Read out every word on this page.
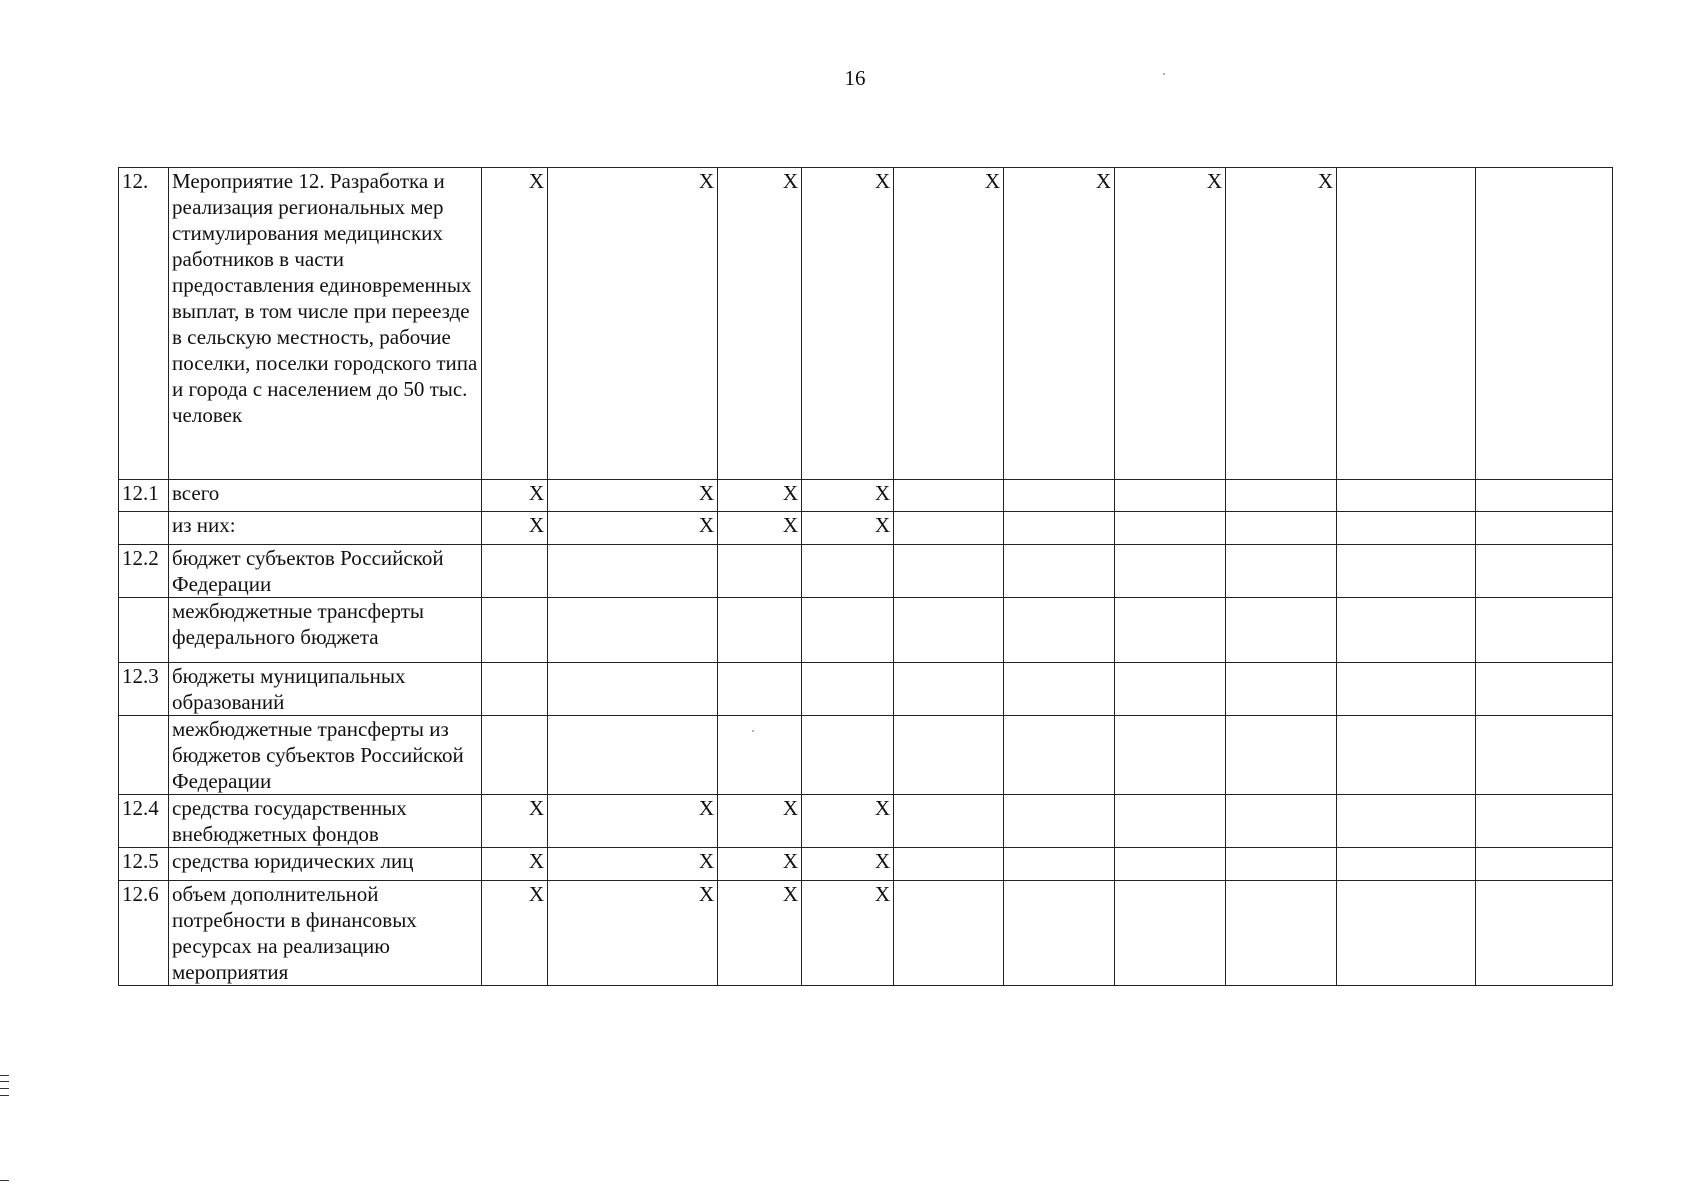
16
12.	Мероприятие 12. Разработка и реализация региональных мер стимулирования медицинских работников в части предоставления единовременных выплат, в том числе при переезде в сельскую местность, рабочие поселки, поселки городского типа и города с населением до 50 тыс. человек	X	X	X	X	X	X	X	X		
12.1	всего	X	X	X	X						
	из них:	X	X	X	X						
12.2	бюджет субъектов Российской Федерации										
	межбюджетные трансферты федерального бюджета										
12.3	бюджеты муниципальных образований										
	межбюджетные трансферты из бюджетов субъектов Российской Федерации										
12.4	средства государственных внебюджетных фондов	X	X	X	X						
12.5	средства юридических лиц	X	X	X	X						
12.6	объем дополнительной потребности в финансовых ресурсах на реализацию мероприятия	X	X	X	X						
